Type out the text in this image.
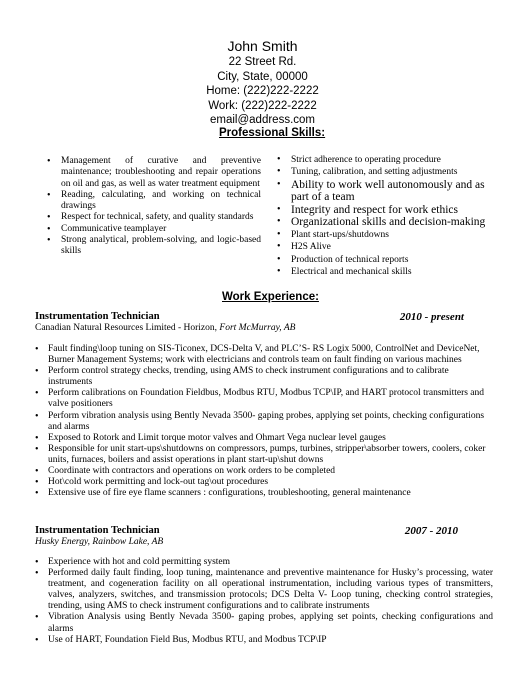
John Smith
22 Street Rd.
City, State, 00000
Home: (222)222-2222
Work: (222)222-2222
email@address.com
Professional Skills:
• Management of curative and preventive maintenance; troubleshooting and repair operations on oil and gas, as well as water treatment equipment
• Reading, calculating, and working on technical drawings
• Respect for technical, safety, and quality standards
• Communicative teamplayer
• Strong analytical, problem-solving, and logic-based skills
• Strict adherence to operating procedure
• Tuning, calibration, and setting adjustments
• Ability to work well autonomously and as part of a team
• Integrity and respect for work ethics
• Organizational skills and decision-making
• Plant start-ups/shutdowns
• H2S Alive
• Production of technical reports
• Electrical and mechanical skills
Work Experience:
Instrumentation Technician	2010 - present
Canadian Natural Resources Limited - Horizon, Fort McMurray, AB
• Fault finding\loop tuning on SIS-Ticonex, DCS-Delta V, and PLC’S- RS Logix 5000, ControlNet and DeviceNet, Burner Management Systems; work with electricians and controls team on fault finding on various machines
• Perform control strategy checks, trending, using AMS to check instrument configurations and to calibrate instruments
• Perform calibrations on Foundation Fieldbus, Modbus RTU, Modbus TCP\IP, and HART protocol transmitters and valve positioners
• Perform vibration analysis using Bently Nevada 3500- gaping probes, applying set points, checking configurations and alarms
• Exposed to Rotork and Limit torque motor valves and Ohmart Vega nuclear level gauges
• Responsible for unit start-ups\shutdowns on compressors, pumps, turbines, stripper\absorber towers, coolers, coker units, furnaces, boilers and assist operations in plant start-up\shut downs
• Coordinate with contractors and operations on work orders to be completed
• Hot\cold work permitting and lock-out tag\out procedures
• Extensive use of fire eye flame scanners : configurations, troubleshooting, general maintenance
Instrumentation Technician	2007 - 2010
Husky Energy, Rainbow Lake, AB
• Experience with hot and cold permitting system
• Performed daily fault finding, loop tuning, maintenance and preventive maintenance for Husky’s processing, water treatment, and cogeneration facility on all operational instrumentation, including various types of transmitters, valves, analyzers, switches, and transmission protocols; DCS Delta V- Loop tuning, checking control strategies, trending, using AMS to check instrument configurations and to calibrate instruments
• Vibration Analysis using Bently Nevada 3500- gaping probes, applying set points, checking configurations and alarms
• Use of HART, Foundation Field Bus, Modbus RTU, and Modbus TCP\IP
